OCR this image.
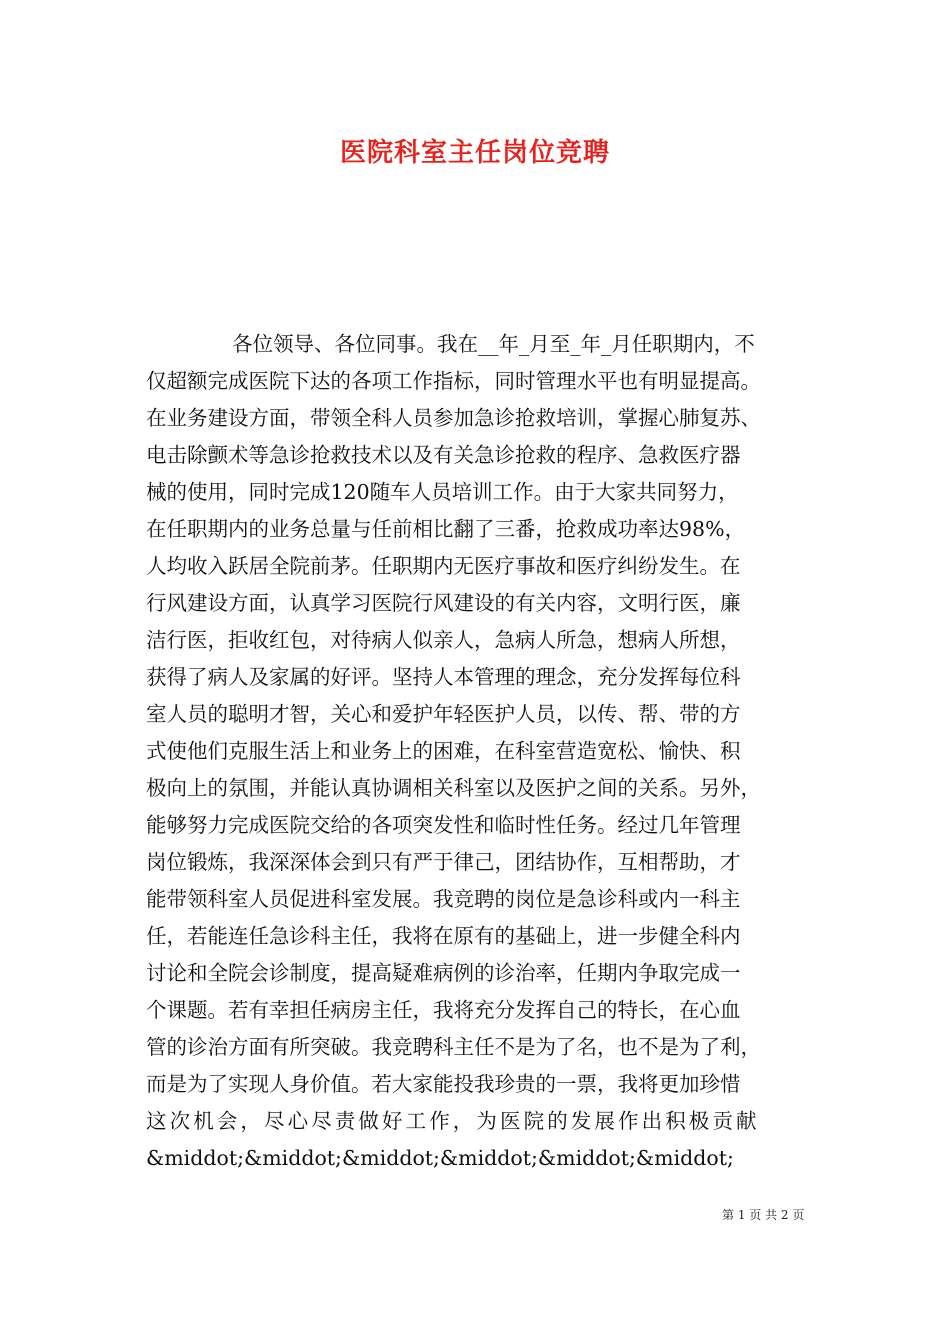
医院科室主任岗位竞聘
各位领导、各位同事。我在__年_月至_年_月任职期内，不
仅超额完成医院下达的各项工作指标，同时管理水平也有明显提高。
在业务建设方面，带领全科人员参加急诊抢救培训，掌握心肺复苏、
电击除颤术等急诊抢救技术以及有关急诊抢救的程序、急救医疗器
械的使用，同时完成120随车人员培训工作。由于大家共同努力，
在任职期内的业务总量与任前相比翻了三番，抢救成功率达98%，
人均收入跃居全院前茅。任职期内无医疗事故和医疗纠纷发生。在
行风建设方面，认真学习医院行风建设的有关内容，文明行医，廉
洁行医，拒收红包，对待病人似亲人，急病人所急，想病人所想，
获得了病人及家属的好评。坚持人本管理的理念，充分发挥每位科
室人员的聪明才智，关心和爱护年轻医护人员，以传、帮、带的方
式使他们克服生活上和业务上的困难，在科室营造宽松、愉快、积
极向上的氛围，并能认真协调相关科室以及医护之间的关系。另外，
能够努力完成医院交给的各项突发性和临时性任务。经过几年管理
岗位锻炼，我深深体会到只有严于律己，团结协作，互相帮助，才
能带领科室人员促进科室发展。我竞聘的岗位是急诊科或内一科主
任，若能连任急诊科主任，我将在原有的基础上，进一步健全科内
讨论和全院会诊制度，提高疑难病例的诊治率，任期内争取完成一
个课题。若有幸担任病房主任，我将充分发挥自己的特长，在心血
管的诊治方面有所突破。我竞聘科主任不是为了名，也不是为了利，
而是为了实现人身价值。若大家能投我珍贵的一票，我将更加珍惜
这次机会，尽心尽责做好工作，为医院的发展作出积极贡献
&middot;&middot;&middot;&middot;&middot;&middot;
第 1 页 共 2 页
